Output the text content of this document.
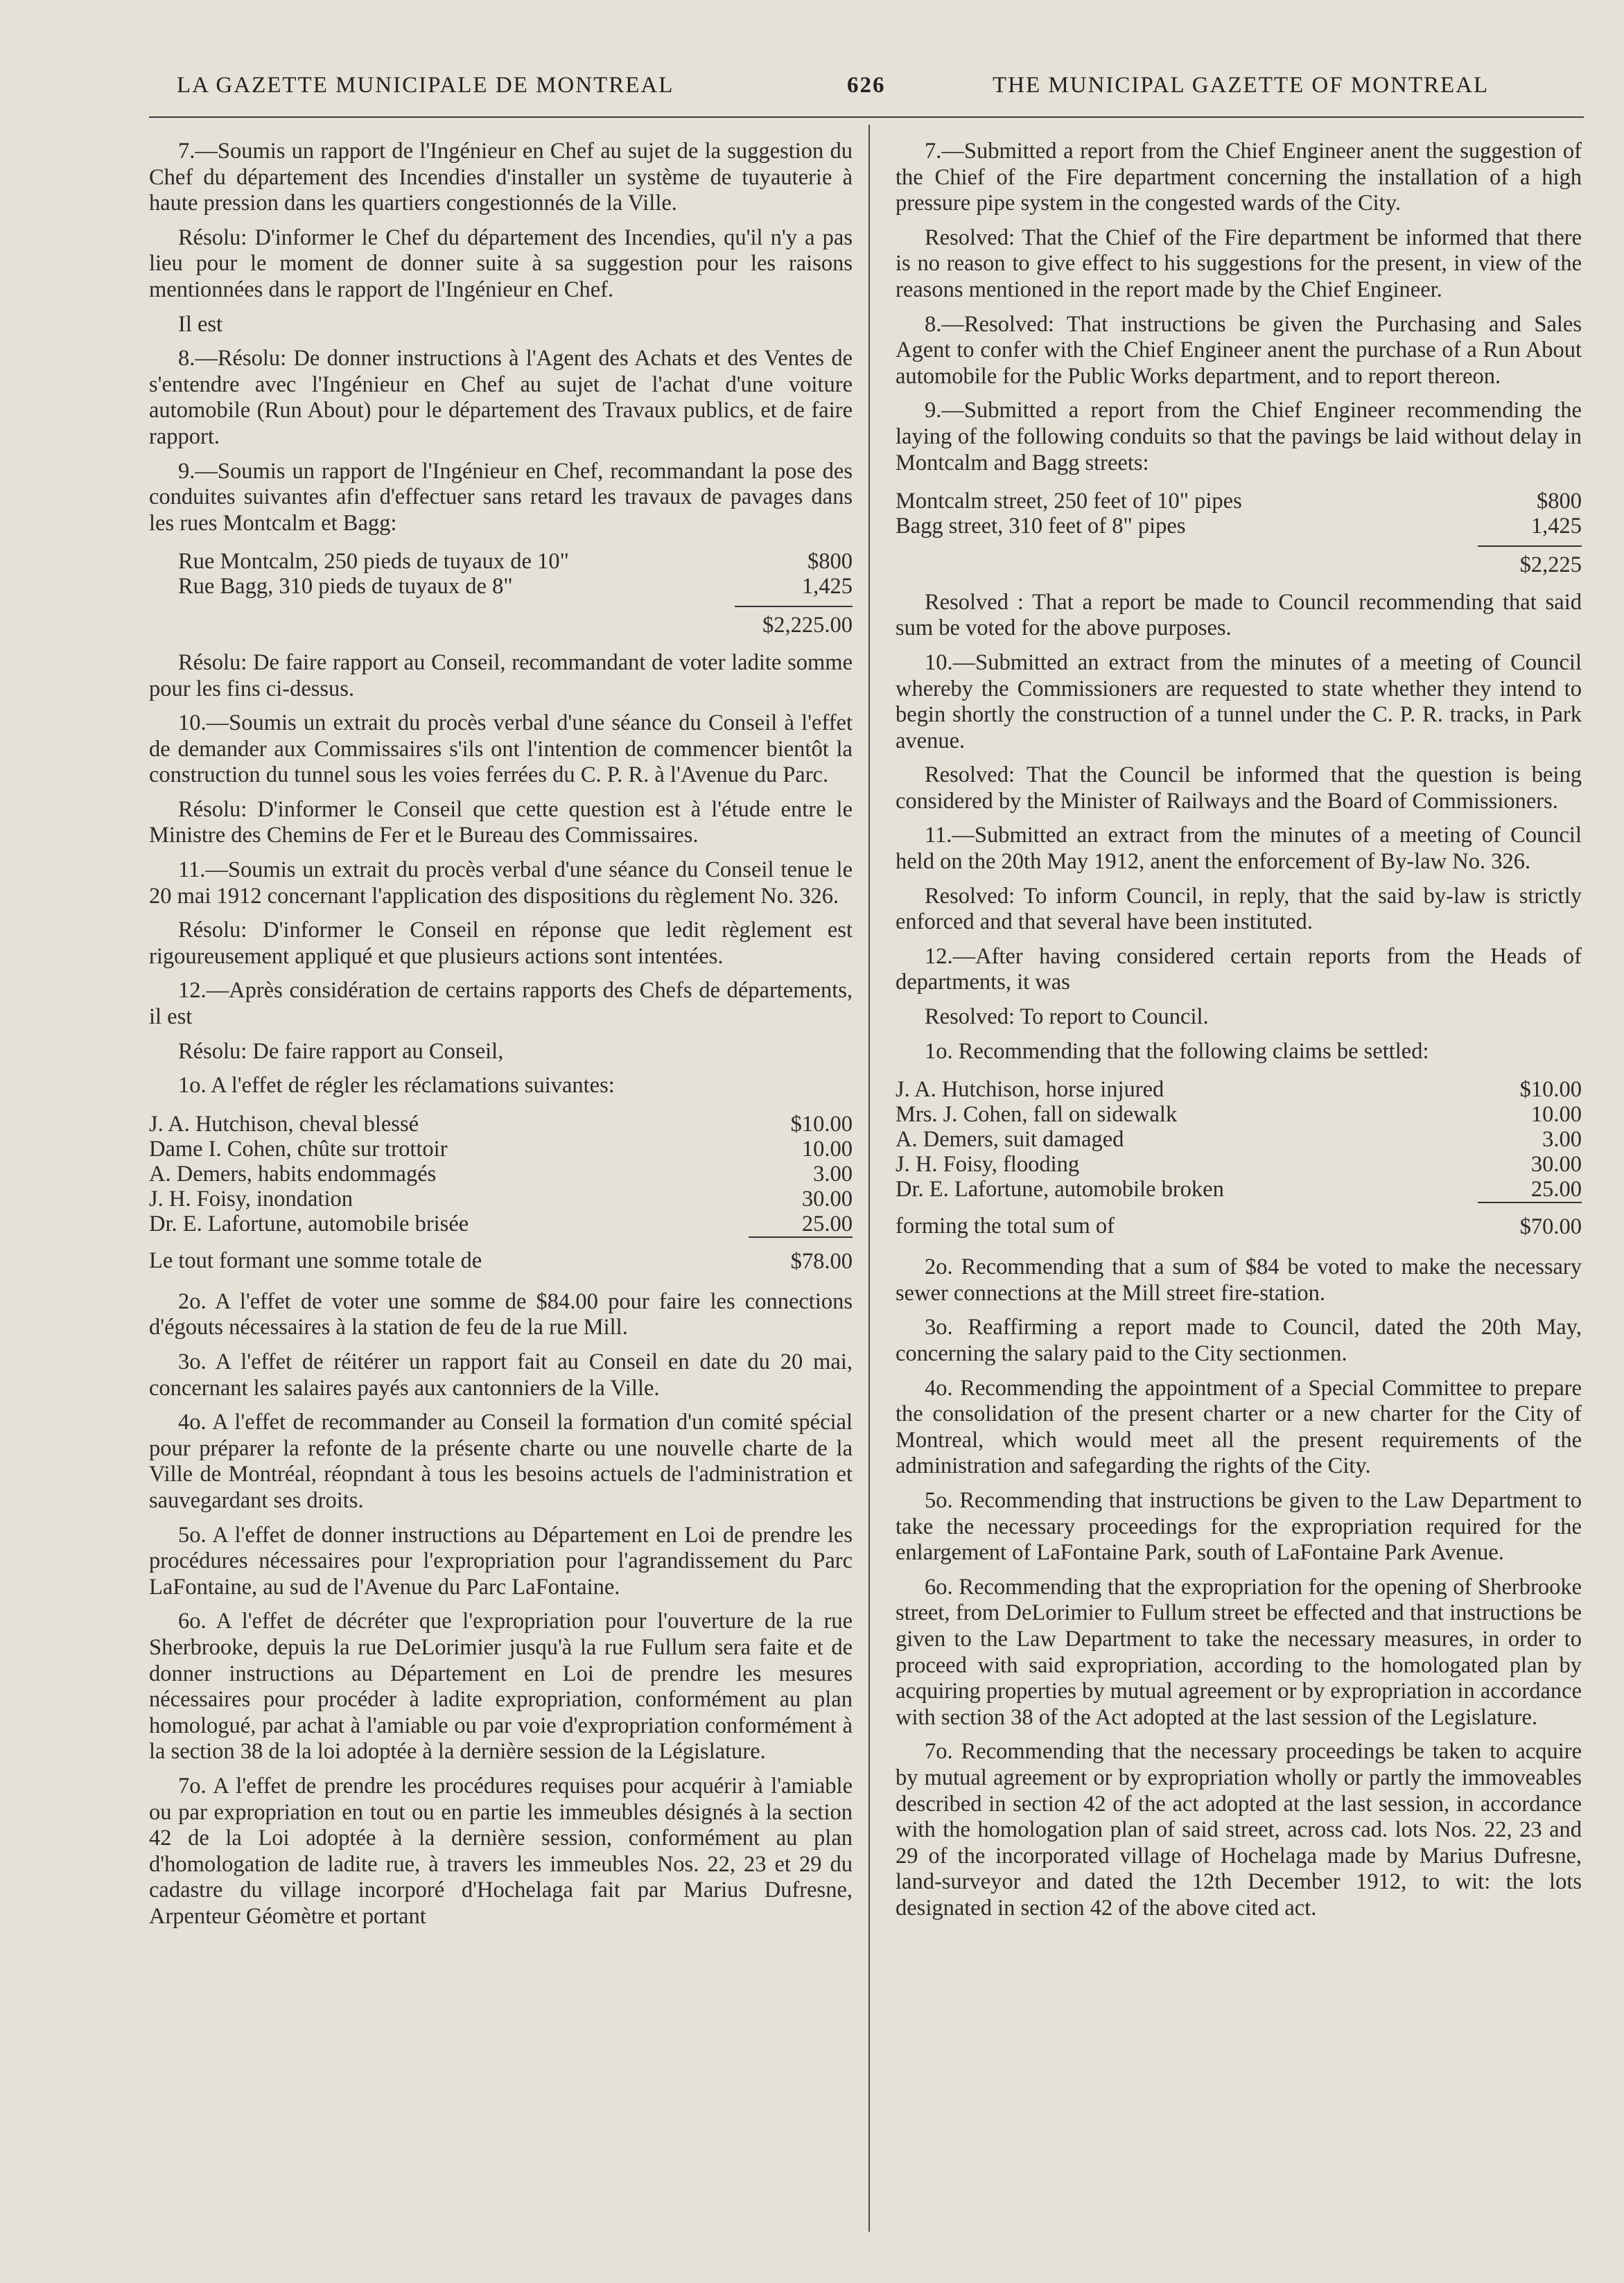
LA GAZETTE MUNICIPALE DE MONTREAL	626	THE MUNICIPAL GAZETTE OF MONTREAL

7.—Soumis un rapport de l'Ingénieur en Chef au sujet de la suggestion du Chef du département des Incendies d'installer un système de tuyauterie à haute pression dans les quartiers congestionnés de la Ville.

Résolu: D'informer le Chef du département des Incendies, qu'il n'y a pas lieu pour le moment de donner suite à sa suggestion pour les raisons mentionnées dans le rapport de l'Ingénieur en Chef.

Il est

8.—Résolu: De donner instructions à l'Agent des Achats et des Ventes de s'entendre avec l'Ingénieur en Chef au sujet de l'achat d'une voiture automobile (Run About) pour le département des Travaux publics, et de faire rapport.

9.—Soumis un rapport de l'Ingénieur en Chef, recommandant la pose des conduites suivantes afin d'effectuer sans retard les travaux de pavages dans les rues Montcalm et Bagg:

Rue Montcalm, 250 pieds de tuyaux de 10"	$800
Rue Bagg, 310 pieds de tuyaux de 8"	1,425
$2,225.00

Résolu: De faire rapport au Conseil, recommandant de voter ladite somme pour les fins ci-dessus.

10.—Soumis un extrait du procès verbal d'une séance du Conseil à l'effet de demander aux Commissaires s'ils ont l'intention de commencer bientôt la construction du tunnel sous les voies ferrées du C. P. R. à l'Avenue du Parc.

Résolu: D'informer le Conseil que cette question est à l'étude entre le Ministre des Chemins de Fer et le Bureau des Commissaires.

11.—Soumis un extrait du procès verbal d'une séance du Conseil tenue le 20 mai 1912 concernant l'application des dispositions du règlement No. 326.

Résolu: D'informer le Conseil en réponse que ledit règlement est rigoureusement appliqué et que plusieurs actions sont intentées.

12.—Après considération de certains rapports des Chefs de départements, il est

Résolu: De faire rapport au Conseil,

1o. A l'effet de régler les réclamations suivantes:

J. A. Hutchison, cheval blessé	$10.00
Dame I. Cohen, chûte sur trottoir	10.00
A. Demers, habits endommagés	3.00
J. H. Foisy, inondation	30.00
Dr. E. Lafortune, automobile brisée	25.00
Le tout formant une somme totale de	$78.00

2o. A l'effet de voter une somme de $84.00 pour faire les connections d'égouts nécessaires à la station de feu de la rue Mill.

3o. A l'effet de réitérer un rapport fait au Conseil en date du 20 mai, concernant les salaires payés aux cantonniers de la Ville.

4o. A l'effet de recommander au Conseil la formation d'un comité spécial pour préparer la refonte de la présente charte ou une nouvelle charte de la Ville de Montréal, réopndant à tous les besoins actuels de l'administration et sauvegardant ses droits.

5o. A l'effet de donner instructions au Département en Loi de prendre les procédures nécessaires pour l'expropriation pour l'agrandissement du Parc LaFontaine, au sud de l'Avenue du Parc LaFontaine.

6o. A l'effet de décréter que l'expropriation pour l'ouverture de la rue Sherbrooke, depuis la rue DeLorimier jusqu'à la rue Fullum sera faite et de donner instructions au Département en Loi de prendre les mesures nécessaires pour procéder à ladite expropriation, conformément au plan homologué, par achat à l'amiable ou par voie d'expropriation conformément à la section 38 de la loi adoptée à la dernière session de la Législature.

7o. A l'effet de prendre les procédures requises pour acquérir à l'amiable ou par expropriation en tout ou en partie les immeubles désignés à la section 42 de la Loi adoptée à la dernière session, conformément au plan d'homologation de ladite rue, à travers les immeubles Nos. 22, 23 et 29 du cadastre du village incorporé d'Hochelaga fait par Marius Dufresne, Arpenteur Géomètre et portant

7.—Submitted a report from the Chief Engineer anent the suggestion of the Chief of the Fire department concerning the installation of a high pressure pipe system in the congested wards of the City.

Resolved: That the Chief of the Fire department be informed that there is no reason to give effect to his suggestions for the present, in view of the reasons mentioned in the report made by the Chief Engineer.

8.—Resolved: That instructions be given the Purchasing and Sales Agent to confer with the Chief Engineer anent the purchase of a Run About automobile for the Public Works department, and to report thereon.

9.—Submitted a report from the Chief Engineer recommending the laying of the following conduits so that the pavings be laid without delay in Montcalm and Bagg streets:

Montcalm street, 250 feet of 10" pipes	$800
Bagg street, 310 feet of 8" pipes	1,425
$2,225

Resolved : That a report be made to Council recommending that said sum be voted for the above purposes.

10.—Submitted an extract from the minutes of a meeting of Council whereby the Commissioners are requested to state whether they intend to begin shortly the construction of a tunnel under the C. P. R. tracks, in Park avenue.

Resolved: That the Council be informed that the question is being considered by the Minister of Railways and the Board of Commissioners.

11.—Submitted an extract from the minutes of a meeting of Council held on the 20th May 1912, anent the enforcement of By-law No. 326.

Resolved: To inform Council, in reply, that the said by-law is strictly enforced and that several have been instituted.

12.—After having considered certain reports from the Heads of departments, it was

Resolved: To report to Council.

1o. Recommending that the following claims be settled:

J. A. Hutchison, horse injured	$10.00
Mrs. J. Cohen, fall on sidewalk	10.00
A. Demers, suit damaged	3.00
J. H. Foisy, flooding	30.00
Dr. E. Lafortune, automobile broken	25.00
forming the total sum of	$70.00

2o. Recommending that a sum of $84 be voted to make the necessary sewer connections at the Mill street fire-station.

3o. Reaffirming a report made to Council, dated the 20th May, concerning the salary paid to the City sectionmen.

4o. Recommending the appointment of a Special Committee to prepare the consolidation of the present charter or a new charter for the City of Montreal, which would meet all the present requirements of the administration and safegarding the rights of the City.

5o. Recommending that instructions be given to the Law Department to take the necessary proceedings for the expropriation required for the enlargement of LaFontaine Park, south of LaFontaine Park Avenue.

6o. Recommending that the expropriation for the opening of Sherbrooke street, from DeLorimier to Fullum street be effected and that instructions be given to the Law Department to take the necessary measures, in order to proceed with said expropriation, according to the homologated plan by acquiring properties by mutual agreement or by expropriation in accordance with section 38 of the Act adopted at the last session of the Legislature.

7o. Recommending that the necessary proceedings be taken to acquire by mutual agreement or by expropriation wholly or partly the immoveables described in section 42 of the act adopted at the last session, in accordance with the homologation plan of said street, across cad. lots Nos. 22, 23 and 29 of the incorporated village of Hochelaga made by Marius Dufresne, land-surveyor and dated the 12th December 1912, to wit: the lots designated in section 42 of the above cited act.
